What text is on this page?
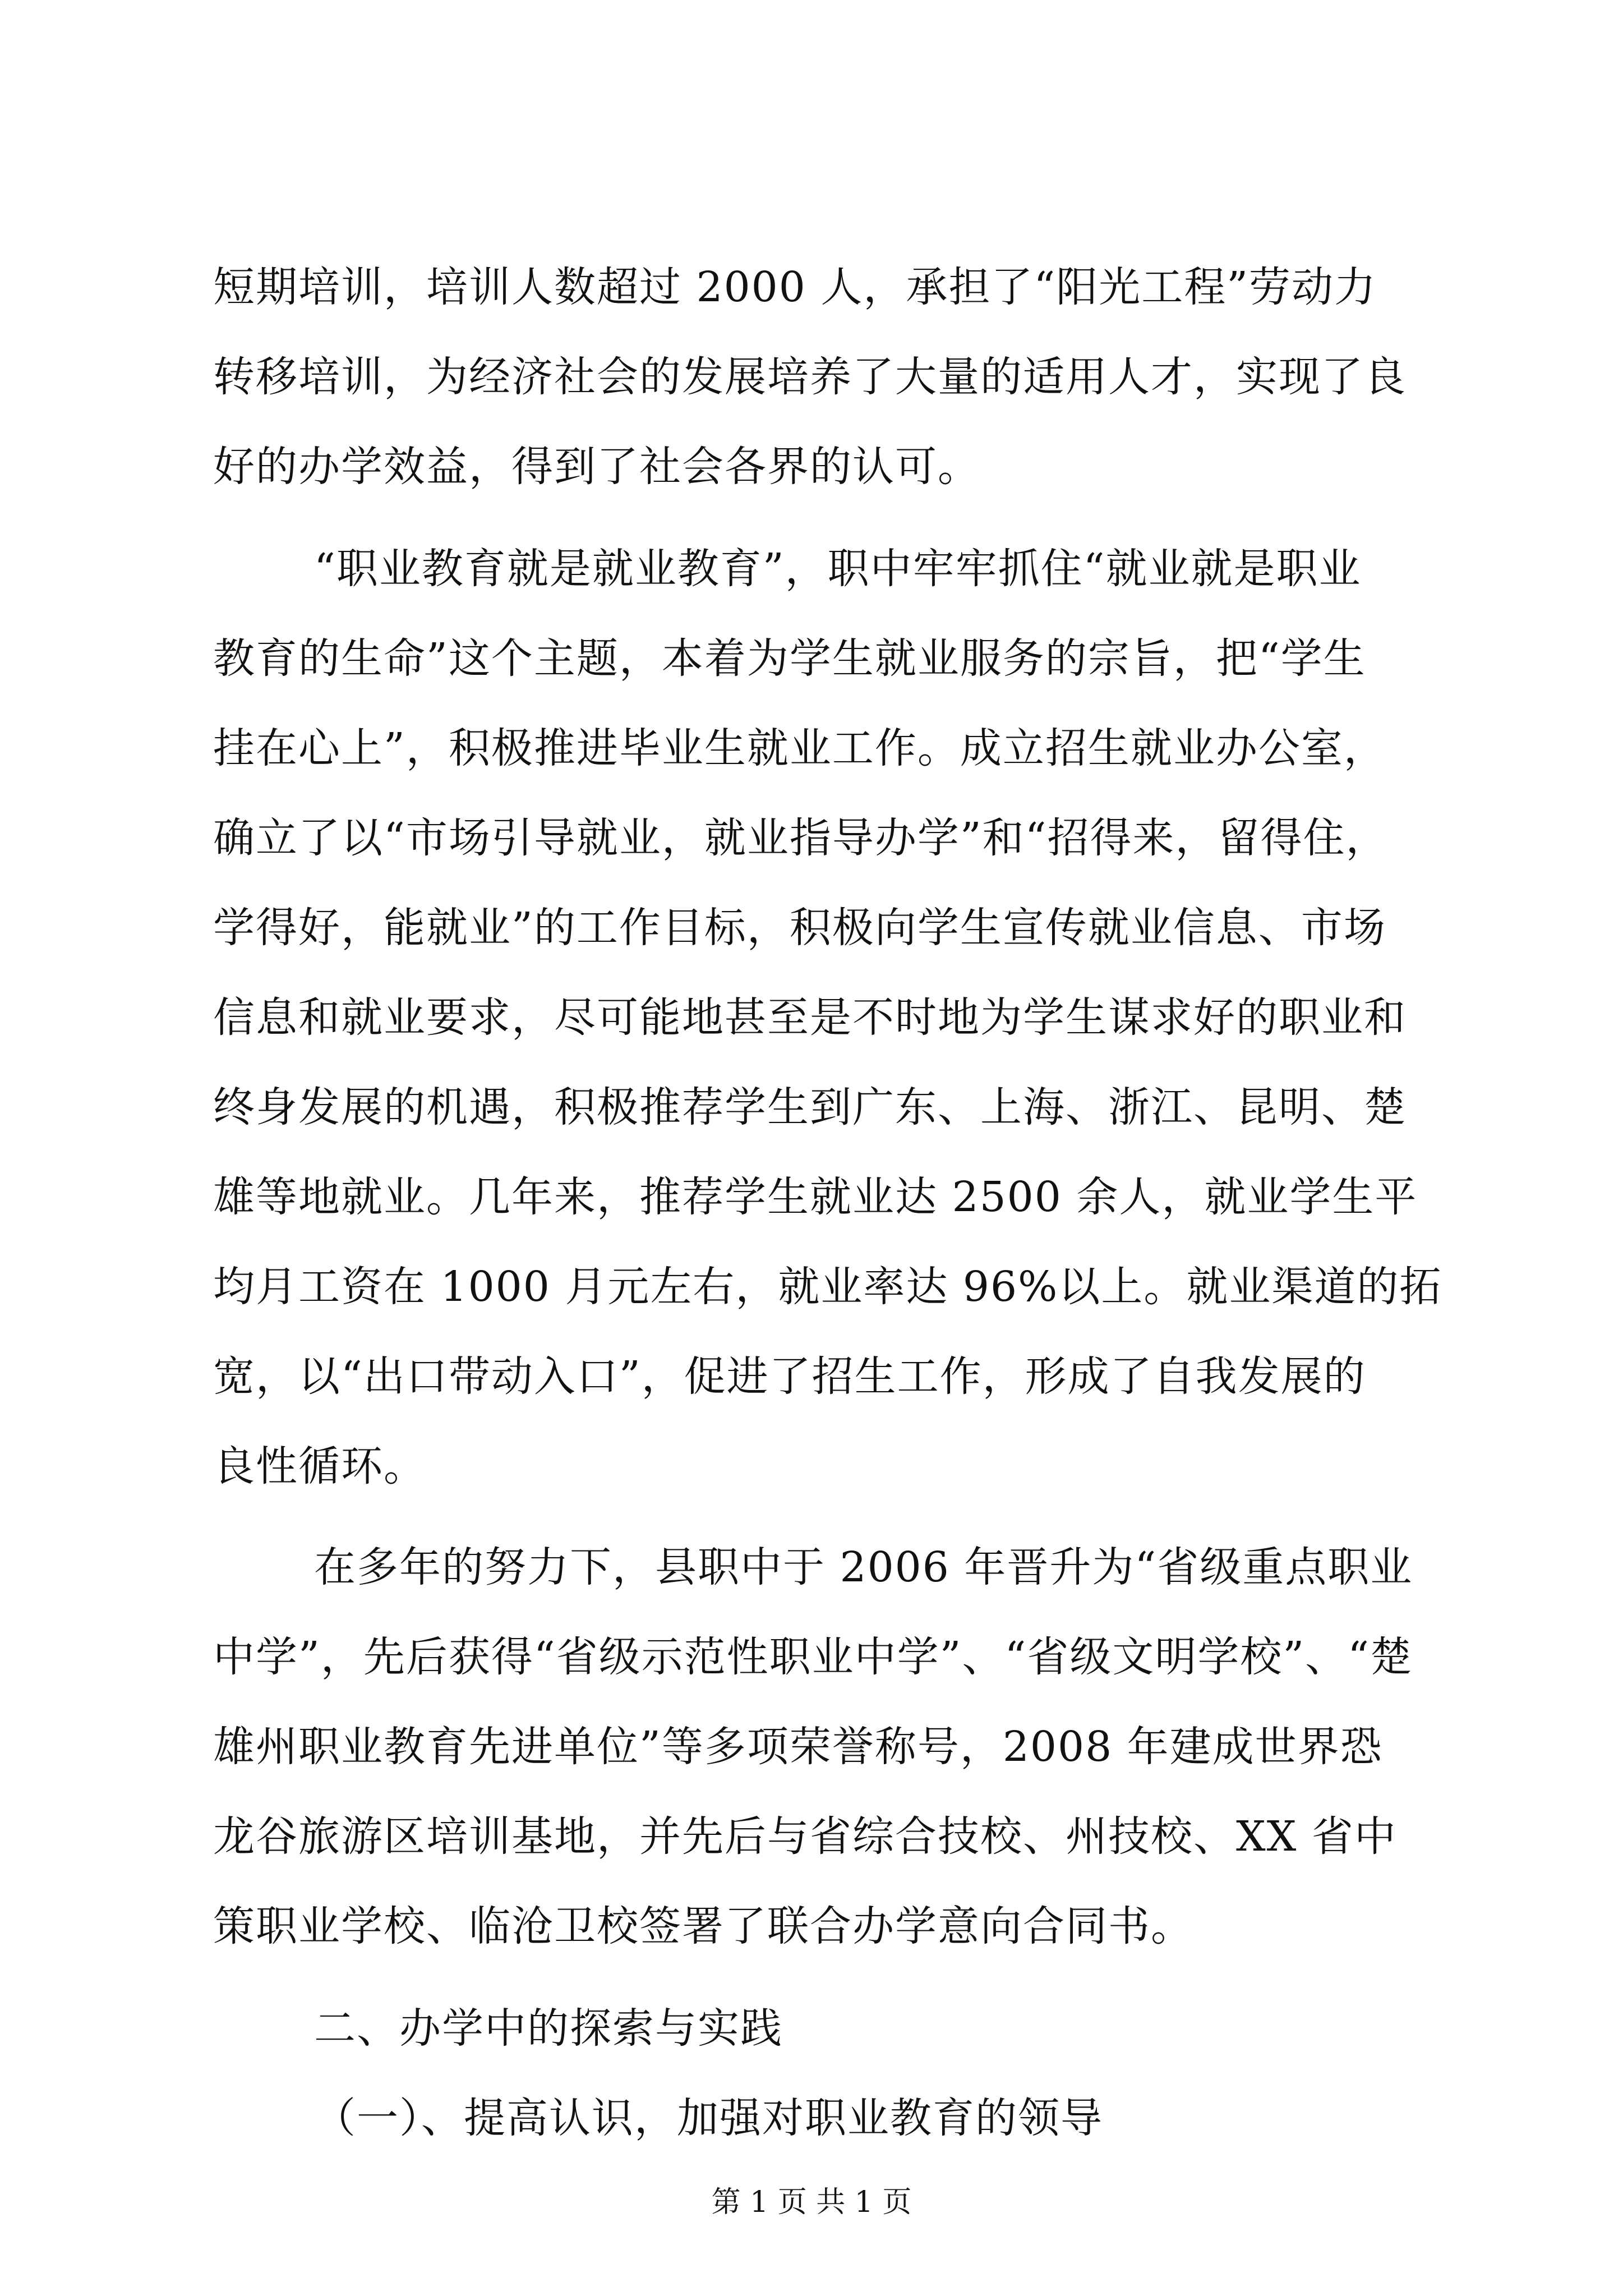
短期培训，培训人数超过 2000 人，承担了“阳光工程”劳动力
转移培训，为经济社会的发展培养了大量的适用人才，实现了良
好的办学效益，得到了社会各界的认可。
“职业教育就是就业教育”，职中牢牢抓住“就业就是职业
教育的生命”这个主题，本着为学生就业服务的宗旨，把“学生
挂在心上”，积极推进毕业生就业工作。成立招生就业办公室，
确立了以“市场引导就业，就业指导办学”和“招得来，留得住，
学得好，能就业”的工作目标，积极向学生宣传就业信息、市场
信息和就业要求，尽可能地甚至是不时地为学生谋求好的职业和
终身发展的机遇，积极推荐学生到广东、上海、浙江、昆明、楚
雄等地就业。几年来，推荐学生就业达 2500 余人，就业学生平
均月工资在 1000 月元左右，就业率达 96%以上。就业渠道的拓
宽，以“出口带动入口”，促进了招生工作，形成了自我发展的
良性循环。
在多年的努力下，县职中于 2006 年晋升为“省级重点职业
中学”，先后获得“省级示范性职业中学”、“省级文明学校”、“楚
雄州职业教育先进单位”等多项荣誉称号，2008 年建成世界恐
龙谷旅游区培训基地，并先后与省综合技校、州技校、XX 省中
策职业学校、临沧卫校签署了联合办学意向合同书。
二、办学中的探索与实践
（一）、提高认识，加强对职业教育的领导
第 1 页 共 1 页
